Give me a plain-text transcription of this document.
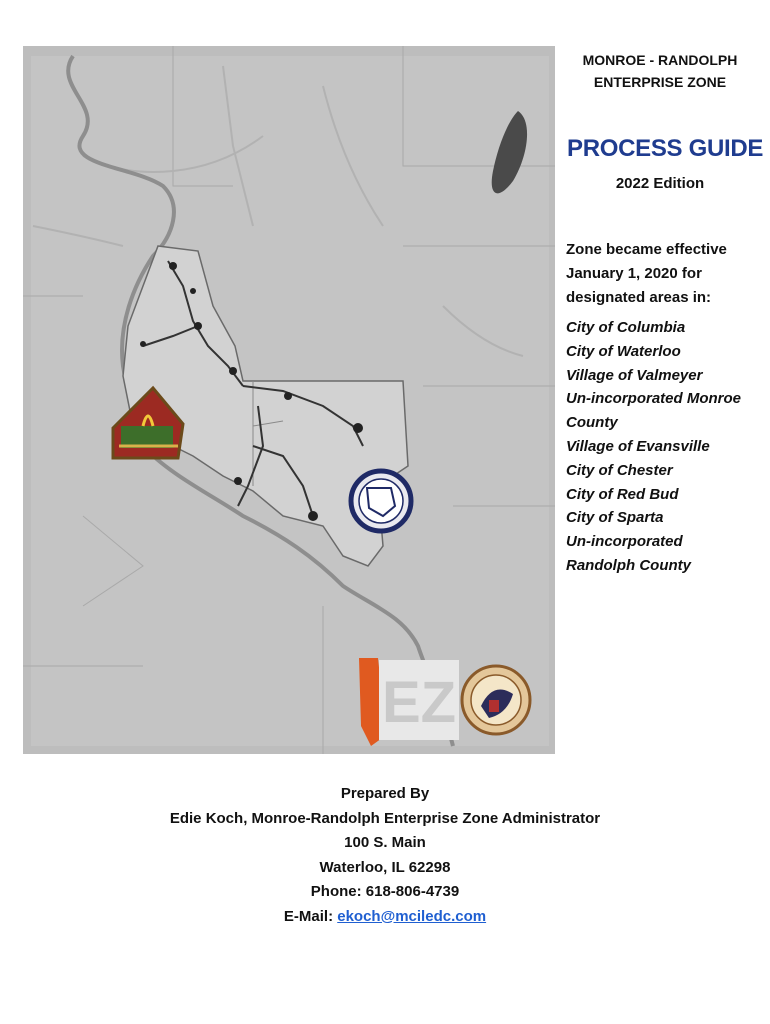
EZ
MONROE - RANDOLPH
ENTERPRISE ZONE
PROCESS GUIDE
2022 Edition
Zone became effective
January 1, 2020 for
designated areas in:
City of Columbia
City of Waterloo
Village of Valmeyer
Un-incorporated Monroe
County
Village of Evansville
City of Chester
City of Red Bud
City of Sparta
Un-incorporated
Randolph County
Prepared By
Edie Koch, Monroe-Randolph Enterprise Zone Administrator
100 S. Main
Waterloo, IL 62298
Phone: 618-806-4739
E-Mail: ekoch@mciledc.com
